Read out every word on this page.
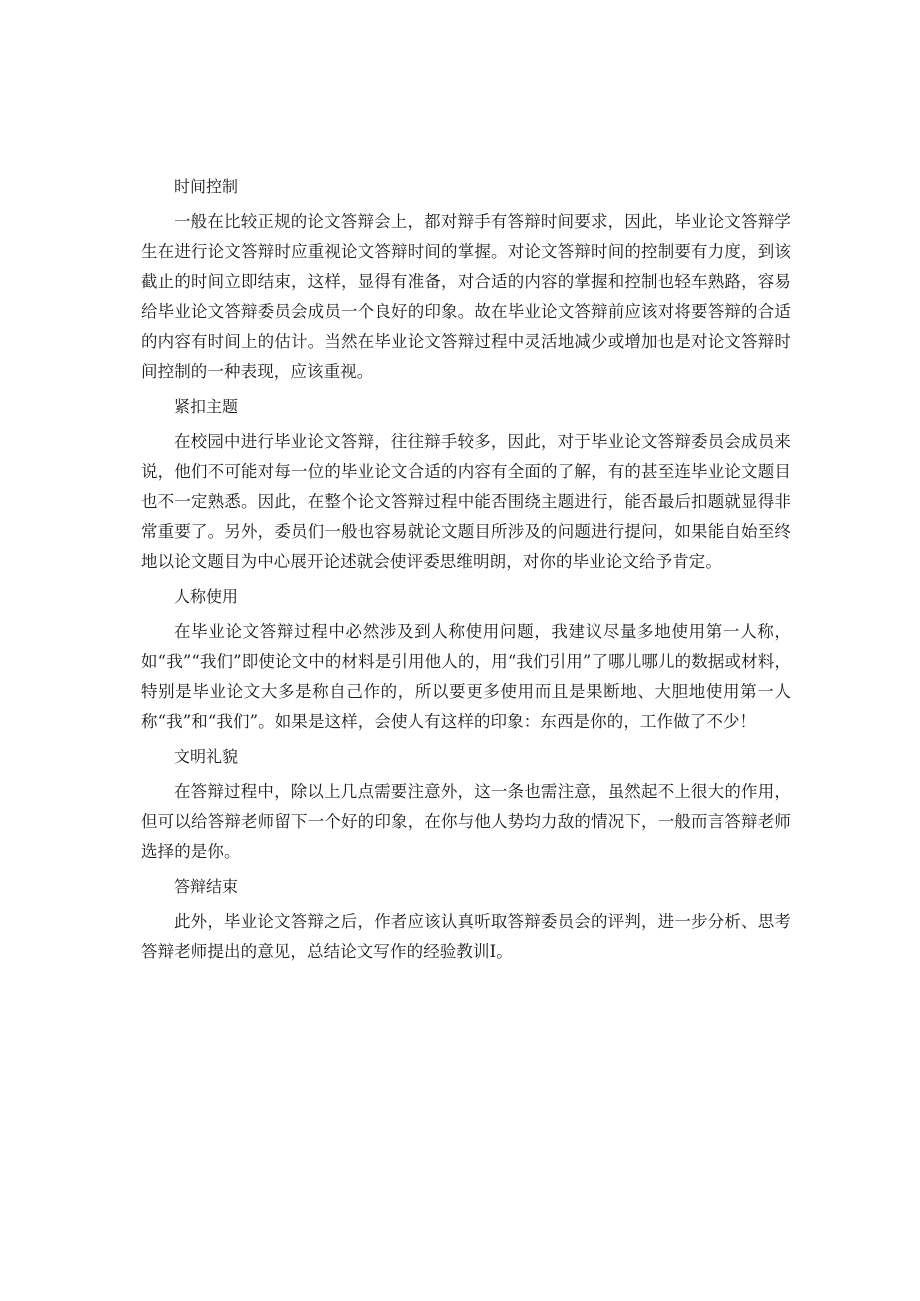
时间控制

一般在比较正规的论文答辩会上，都对辩手有答辩时间要求，因此，毕业论文答辩学生在进行论文答辩时应重视论文答辩时间的掌握。对论文答辩时间的控制要有力度，到该截止的时间立即结束，这样，显得有准备，对合适的内容的掌握和控制也轻车熟路，容易给毕业论文答辩委员会成员一个良好的印象。故在毕业论文答辩前应该对将要答辩的合适的内容有时间上的估计。当然在毕业论文答辩过程中灵活地减少或增加也是对论文答辩时间控制的一种表现，应该重视。

紧扣主题

在校园中进行毕业论文答辩，往往辩手较多，因此，对于毕业论文答辩委员会成员来说，他们不可能对每一位的毕业论文合适的内容有全面的了解，有的甚至连毕业论文题目也不一定熟悉。因此，在整个论文答辩过程中能否围绕主题进行，能否最后扣题就显得非常重要了。另外，委员们一般也容易就论文题目所涉及的问题进行提问，如果能自始至终地以论文题目为中心展开论述就会使评委思维明朗，对你的毕业论文给予肯定。

人称使用

在毕业论文答辩过程中必然涉及到人称使用问题，我建议尽量多地使用第一人称，如“我”“我们”即使论文中的材料是引用他人的，用“我们引用”了哪儿哪儿的数据或材料，特别是毕业论文大多是称自己作的，所以要更多使用而且是果断地、大胆地使用第一人称“我”和“我们”。如果是这样，会使人有这样的印象：东西是你的，工作做了不少！

文明礼貌

在答辩过程中，除以上几点需要注意外，这一条也需注意，虽然起不上很大的作用，但可以给答辩老师留下一个好的印象，在你与他人势均力敌的情况下，一般而言答辩老师选择的是你。

答辩结束

此外，毕业论文答辩之后，作者应该认真听取答辩委员会的评判，进一步分析、思考答辩老师提出的意见，总结论文写作的经验教训I。
